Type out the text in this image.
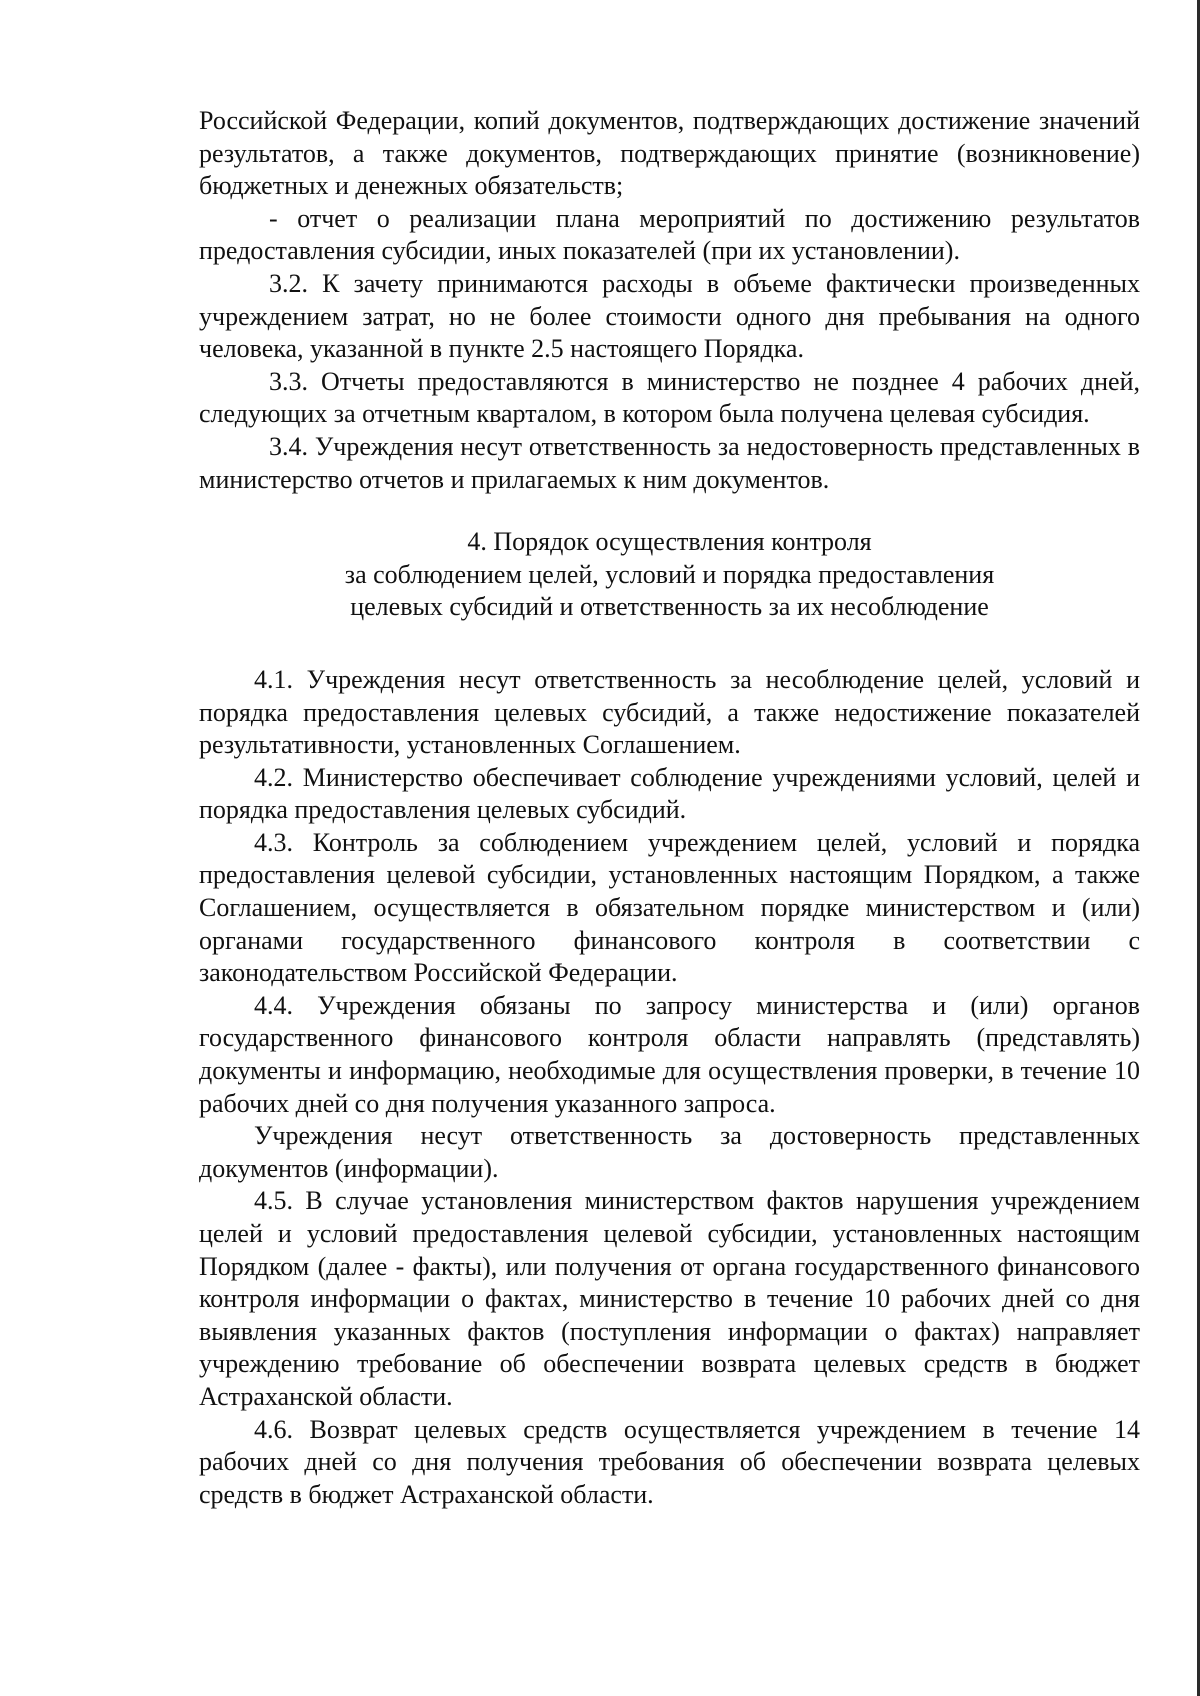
Российской Федерации, копий документов, подтверждающих достижение значений результатов, а также документов, подтверждающих принятие (возникновение) бюджетных и денежных обязательств;

- отчет о реализации плана мероприятий по достижению результатов предоставления субсидии, иных показателей (при их установлении).

3.2. К зачету принимаются расходы в объеме фактически произведенных учреждением затрат, но не более стоимости одного дня пребывания на одного человека, указанной в пункте 2.5 настоящего Порядка.

3.3. Отчеты предоставляются в министерство не позднее 4 рабочих дней, следующих за отчетным кварталом, в котором была получена целевая субсидия.

3.4. Учреждения несут ответственность за недостоверность представленных в министерство отчетов и прилагаемых к ним документов.

4. Порядок осуществления контроля
за соблюдением целей, условий и порядка предоставления
целевых субсидий и ответственность за их несоблюдение

4.1. Учреждения несут ответственность за несоблюдение целей, условий и порядка предоставления целевых субсидий, а также недостижение показателей результативности, установленных Соглашением.

4.2. Министерство обеспечивает соблюдение учреждениями условий, целей и порядка предоставления целевых субсидий.

4.3. Контроль за соблюдением учреждением целей, условий и порядка предоставления целевой субсидии, установленных настоящим Порядком, а также Соглашением, осуществляется в обязательном порядке министерством и (или) органами государственного финансового контроля в соответствии с законодательством Российской Федерации.

4.4. Учреждения обязаны по запросу министерства и (или) органов государственного финансового контроля области направлять (представлять) документы и информацию, необходимые для осуществления проверки, в течение 10 рабочих дней со дня получения указанного запроса.

Учреждения несут ответственность за достоверность представленных документов (информации).

4.5. В случае установления министерством фактов нарушения учреждением целей и условий предоставления целевой субсидии, установленных настоящим Порядком (далее - факты), или получения от органа государственного финансового контроля информации о фактах, министерство в течение 10 рабочих дней со дня выявления указанных фактов (поступления информации о фактах) направляет учреждению требование об обеспечении возврата целевых средств в бюджет Астраханской области.

4.6. Возврат целевых средств осуществляется учреждением в течение 14 рабочих дней со дня получения требования об обеспечении возврата целевых средств в бюджет Астраханской области.
